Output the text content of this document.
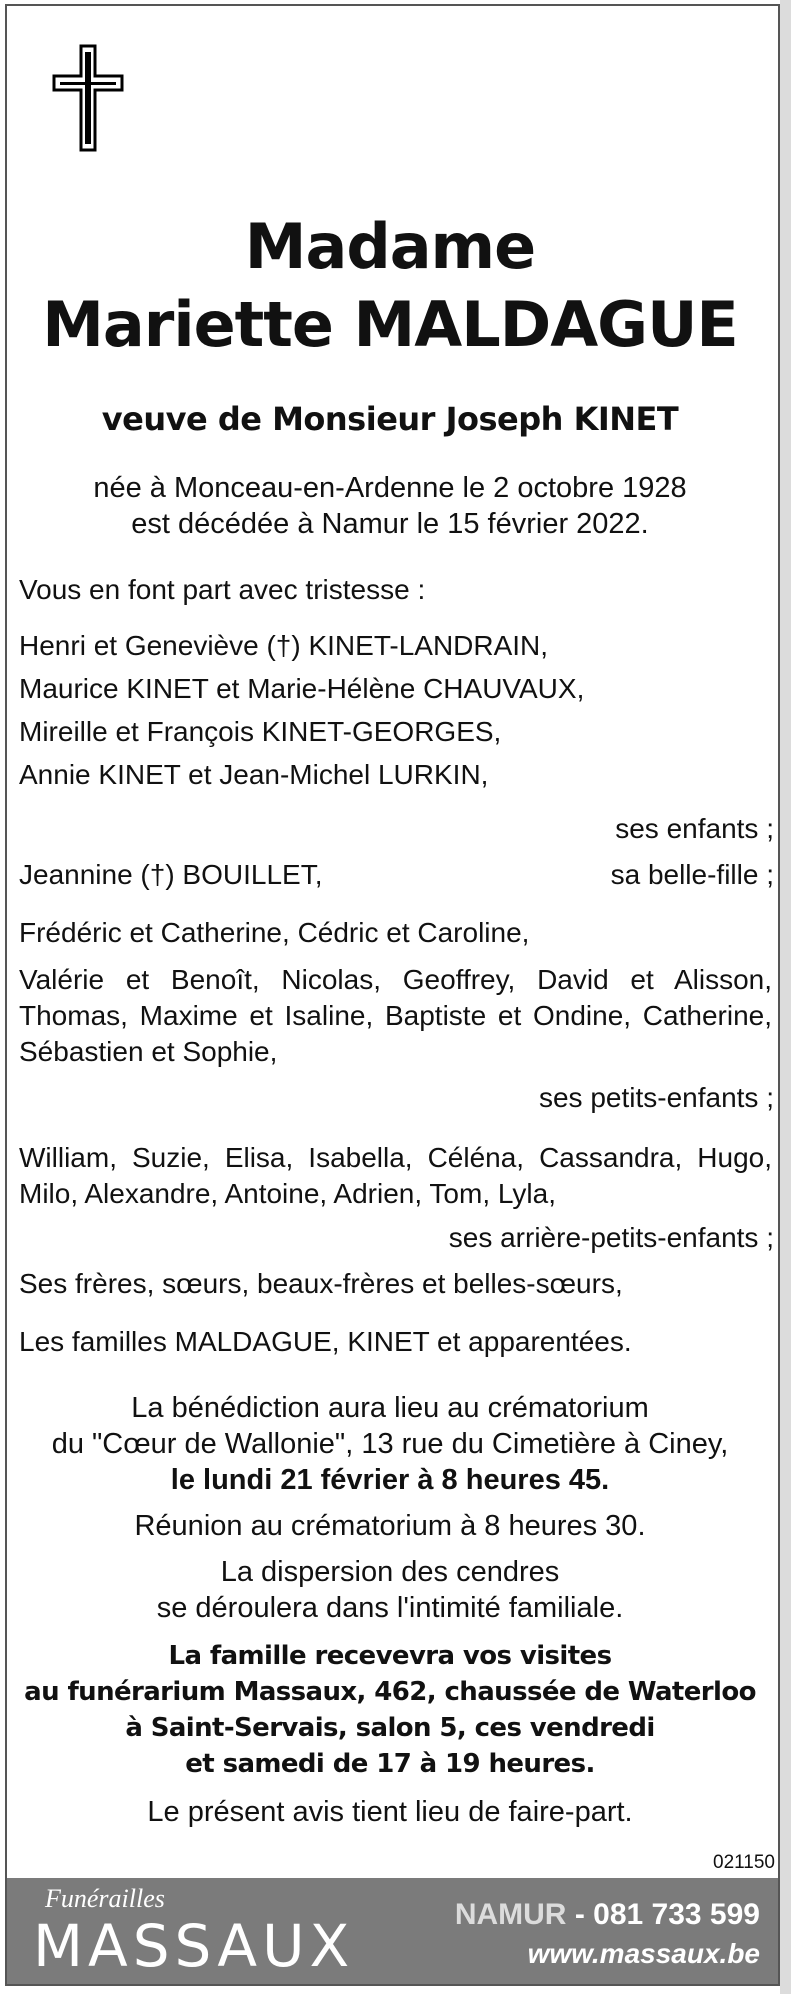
Madame
Mariette MALDAGUE
veuve de Monsieur Joseph KINET
née à Monceau-en-Ardenne le 2 octobre 1928
est décédée à Namur le 15 février 2022.
Vous en font part avec tristesse :
Henri et Geneviève (†) KINET-LANDRAIN,
Maurice KINET et Marie-Hélène CHAUVAUX,
Mireille et François KINET-GEORGES,
Annie KINET et Jean-Michel LURKIN,
ses enfants ;
Jeannine (†) BOUILLET,	sa belle-fille ;
Frédéric et Catherine, Cédric et Caroline,
Valérie et Benoît, Nicolas, Geoffrey, David et Alisson, Thomas, Maxime et Isaline, Baptiste et Ondine, Catherine, Sébastien et Sophie,
ses petits-enfants ;
William, Suzie, Elisa, Isabella, Céléna, Cassandra, Hugo, Milo, Alexandre, Antoine, Adrien, Tom, Lyla,
ses arrière-petits-enfants ;
Ses frères, sœurs, beaux-frères et belles-sœurs,
Les familles MALDAGUE, KINET et apparentées.
La bénédiction aura lieu au crématorium
du "Cœur de Wallonie", 13 rue du Cimetière à Ciney,
le lundi 21 février à 8 heures 45.
Réunion au crématorium à 8 heures 30.
La dispersion des cendres
se déroulera dans l'intimité familiale.
La famille recevevra vos visites
au funérarium Massaux, 462, chaussée de Waterloo
à Saint-Servais, salon 5, ces vendredi
et samedi de 17 à 19 heures.
Le présent avis tient lieu de faire-part.
021150
Funérailles
MASSAUX	NAMUR - 081 733 599
www.massaux.be
